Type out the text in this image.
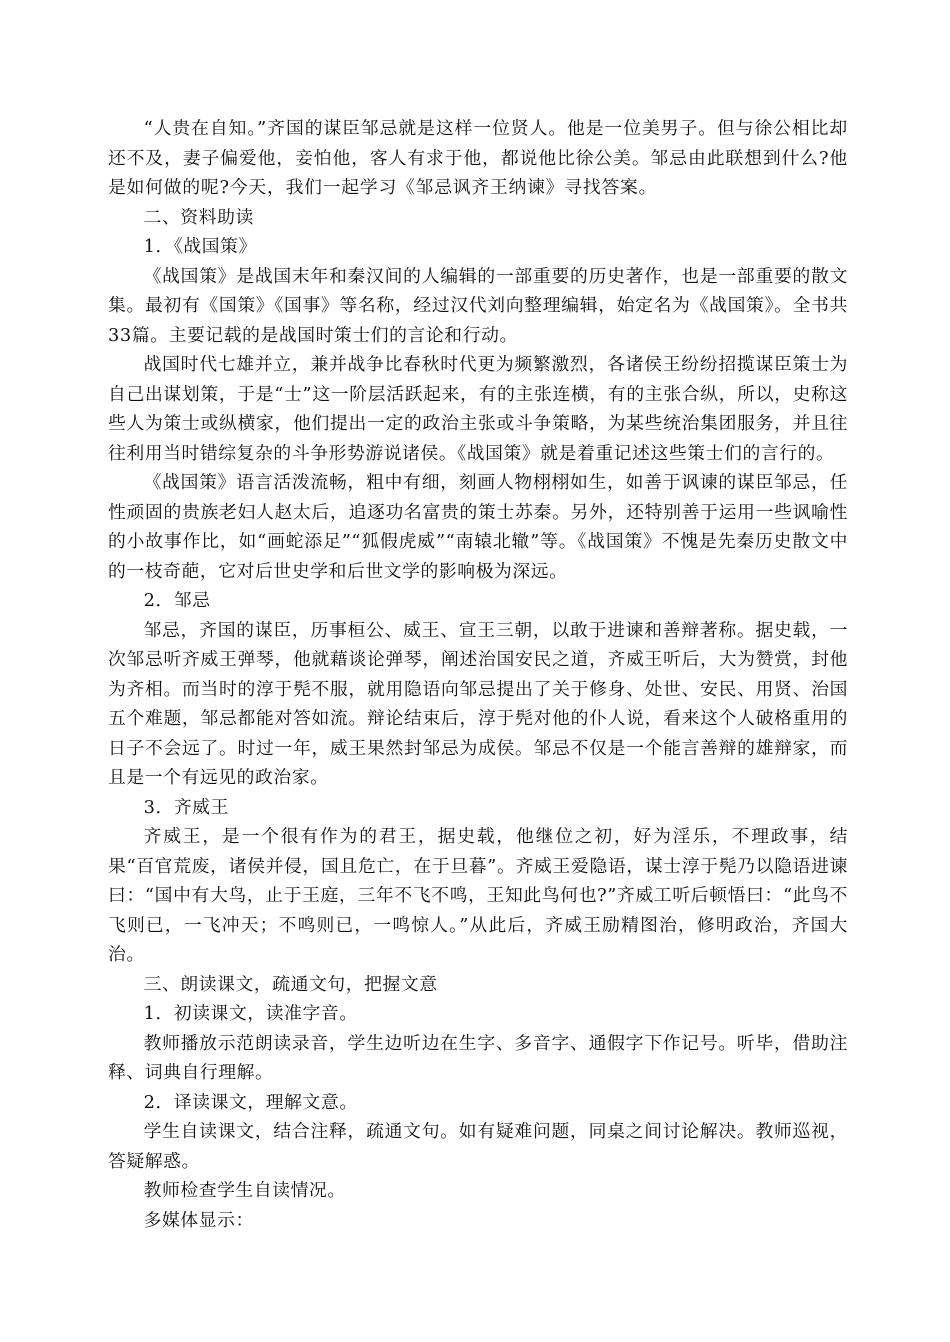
“人贵在自知。”齐国的谋臣邹忌就是这样一位贤人。他是一位美男子。但与徐公相比却还不及，妻子偏爱他，妾怕他，客人有求于他，都说他比徐公美。邹忌由此联想到什么?他是如何做的呢?今天，我们一起学习《邹忌讽齐王纳谏》寻找答案。

二、资料助读

1．《战国策》

《战国策》是战国末年和秦汉间的人编辑的一部重要的历史著作，也是一部重要的散文集。最初有《国策》《国事》等名称，经过汉代刘向整理编辑，始定名为《战国策》。全书共33篇。主要记载的是战国时策士们的言论和行动。

战国时代七雄并立，兼并战争比春秋时代更为频繁激烈，各诸侯王纷纷招揽谋臣策士为自己出谋划策，于是“士”这一阶层活跃起来，有的主张连横，有的主张合纵，所以，史称这些人为策士或纵横家，他们提出一定的政治主张或斗争策略，为某些统治集团服务，并且往往利用当时错综复杂的斗争形势游说诸侯。《战国策》就是着重记述这些策士们的言行的。

《战国策》语言活泼流畅，粗中有细，刻画人物栩栩如生，如善于讽谏的谋臣邹忌，任性顽固的贵族老妇人赵太后，追逐功名富贵的策士苏秦。另外，还特别善于运用一些讽喻性的小故事作比，如“画蛇添足”“狐假虎威”“南辕北辙”等。《战国策》不愧是先秦历史散文中的一枝奇葩，它对后世史学和后世文学的影响极为深远。

2．邹忌

邹忌，齐国的谋臣，历事桓公、威王、宣王三朝，以敢于进谏和善辩著称。据史载，一次邹忌听齐威王弹琴，他就藉谈论弹琴，阐述治国安民之道，齐威王听后，大为赞赏，封他为齐相。而当时的淳于髡不服，就用隐语向邹忌提出了关于修身、处世、安民、用贤、治国五个难题，邹忌都能对答如流。辩论结束后，淳于髡对他的仆人说，看来这个人破格重用的日子不会远了。时过一年，威王果然封邹忌为成侯。邹忌不仅是一个能言善辩的雄辩家，而且是一个有远见的政治家。

3．齐威王

齐威王，是一个很有作为的君王，据史载，他继位之初，好为淫乐，不理政事，结果“百官荒废，诸侯并侵，国且危亡，在于旦暮”。齐威王爱隐语，谋士淳于髡乃以隐语进谏曰：“国中有大鸟，止于王庭，三年不飞不鸣，王知此鸟何也?”齐威工听后顿悟曰：“此鸟不飞则已，一飞冲天；不鸣则已，一鸣惊人。”从此后，齐威王励精图治，修明政治，齐国大治。

三、朗读课文，疏通文句，把握文意

1．初读课文，读准字音。

教师播放示范朗读录音，学生边听边在生字、多音字、通假字下作记号。听毕，借助注释、词典自行理解。

2．译读课文，理解文意。

学生自读课文，结合注释，疏通文句。如有疑难问题，同桌之间讨论解决。教师巡视，答疑解惑。

教师检查学生自读情况。

多媒体显示：
